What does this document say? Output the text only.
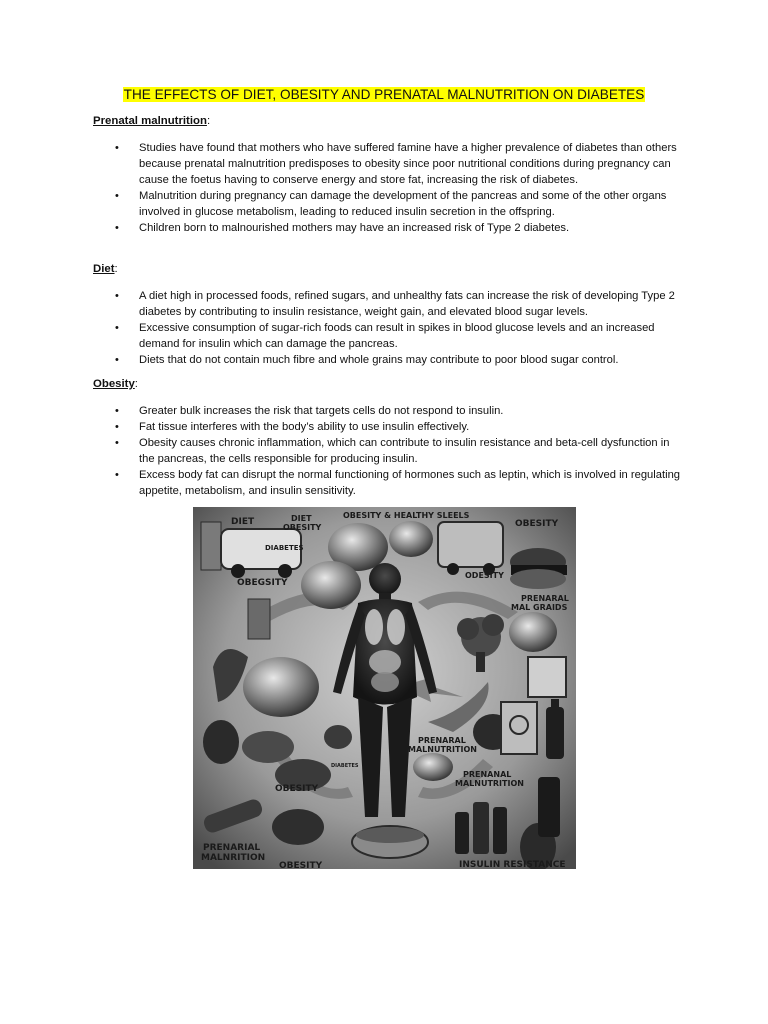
THE EFFECTS OF DIET, OBESITY AND PRENATAL MALNUTRITION ON DIABETES
Prenatal malnutrition:
• Studies have found that mothers who have suffered famine have a higher prevalence of diabetes than others because prenatal malnutrition predisposes to obesity since poor nutritional conditions during pregnancy can cause the foetus having to conserve energy and store fat, increasing the risk of diabetes.
• Malnutrition during pregnancy can damage the development of the pancreas and some of the other organs involved in glucose metabolism, leading to reduced insulin secretion in the offspring.
• Children born to malnourished mothers may have an increased risk of Type 2 diabetes.
Diet:
• A diet high in processed foods, refined sugars, and unhealthy fats can increase the risk of developing Type 2 diabetes by contributing to insulin resistance, weight gain, and elevated blood sugar levels.
• Excessive consumption of sugar-rich foods can result in spikes in blood glucose levels and an increased demand for insulin which can damage the pancreas.
• Diets that do not contain much fibre and whole grains may contribute to poor blood sugar control.
Obesity:
• Greater bulk increases the risk that targets cells do not respond to insulin.
• Fat tissue interferes with the body’s ability to use insulin effectively.
• Obesity causes chronic inflammation, which can contribute to insulin resistance and beta-cell dysfunction in the pancreas, the cells responsible for producing insulin.
• Excess body fat can disrupt the normal functioning of hormones such as leptin, which is involved in regulating appetite, metabolism, and insulin sensitivity.
DIET	DIET
OBESITY
OBESITY & HEALTHY SLEELS
OBESITY
DIABETES
OBEGSITY
ODESITY
PRENARAL
MAL GRAIDS
PRENARAL
MALNUTRITION
PRENANAL
MALNUTRITION
DIABETES
OBESITY
PRENARIAL
MALNRITION
OBESITY	INSULIN RESISTANCE
